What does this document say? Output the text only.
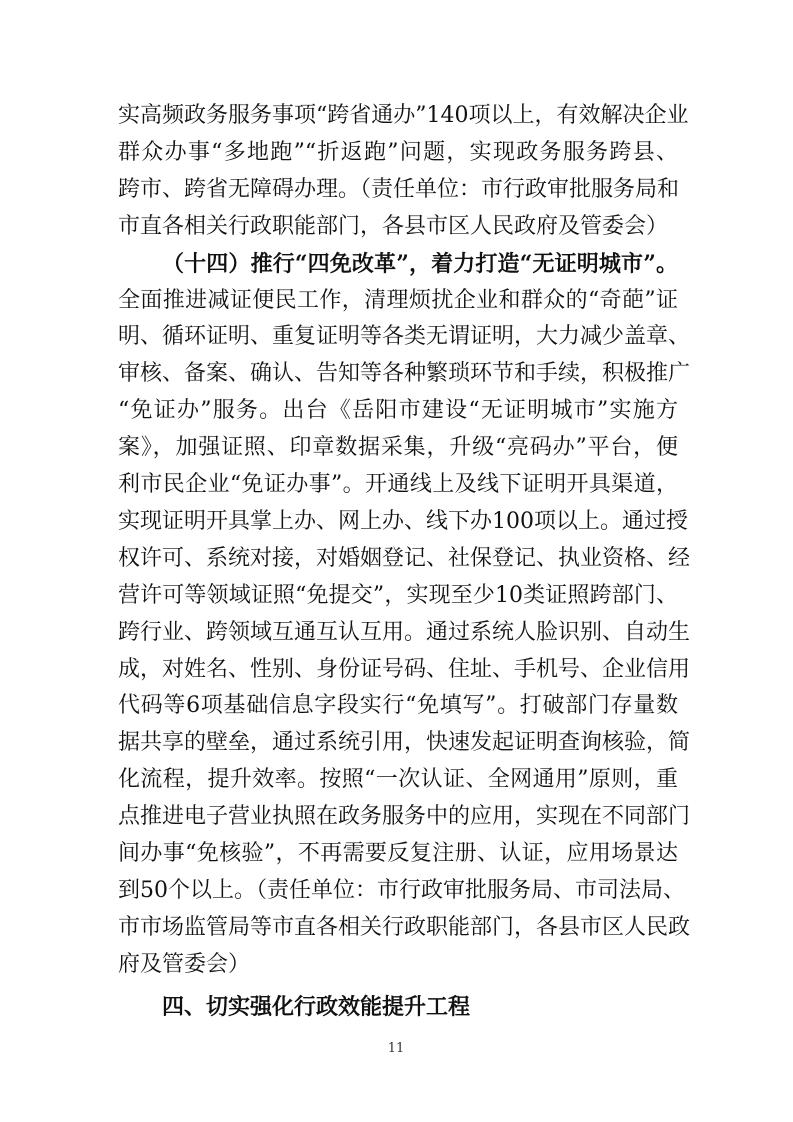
实高频政务服务事项“跨省通办”140项以上，有效解决企业
群众办事“多地跑”“折返跑”问题，实现政务服务跨县、
跨市、跨省无障碍办理。（责任单位：市行政审批服务局和
市直各相关行政职能部门，各县市区人民政府及管委会）
（十四）推行“四免改革”，着力打造“无证明城市”。
全面推进减证便民工作，清理烦扰企业和群众的“奇葩”证
明、循环证明、重复证明等各类无谓证明，大力减少盖章、
审核、备案、确认、告知等各种繁琐环节和手续，积极推广
“免证办”服务。出台《岳阳市建设“无证明城市”实施方
案》，加强证照、印章数据采集，升级“亮码办”平台，便
利市民企业“免证办事”。开通线上及线下证明开具渠道，
实现证明开具掌上办、网上办、线下办100项以上。通过授
权许可、系统对接，对婚姻登记、社保登记、执业资格、经
营许可等领域证照“免提交”，实现至少10类证照跨部门、
跨行业、跨领域互通互认互用。通过系统人脸识别、自动生
成，对姓名、性别、身份证号码、住址、手机号、企业信用
代码等6项基础信息字段实行“免填写”。打破部门存量数
据共享的壁垒，通过系统引用，快速发起证明查询核验，简
化流程，提升效率。按照“一次认证、全网通用”原则，重
点推进电子营业执照在政务服务中的应用，实现在不同部门
间办事“免核验”，不再需要反复注册、认证，应用场景达
到50个以上。（责任单位：市行政审批服务局、市司法局、
市市场监管局等市直各相关行政职能部门，各县市区人民政
府及管委会）
四、切实强化行政效能提升工程
11
